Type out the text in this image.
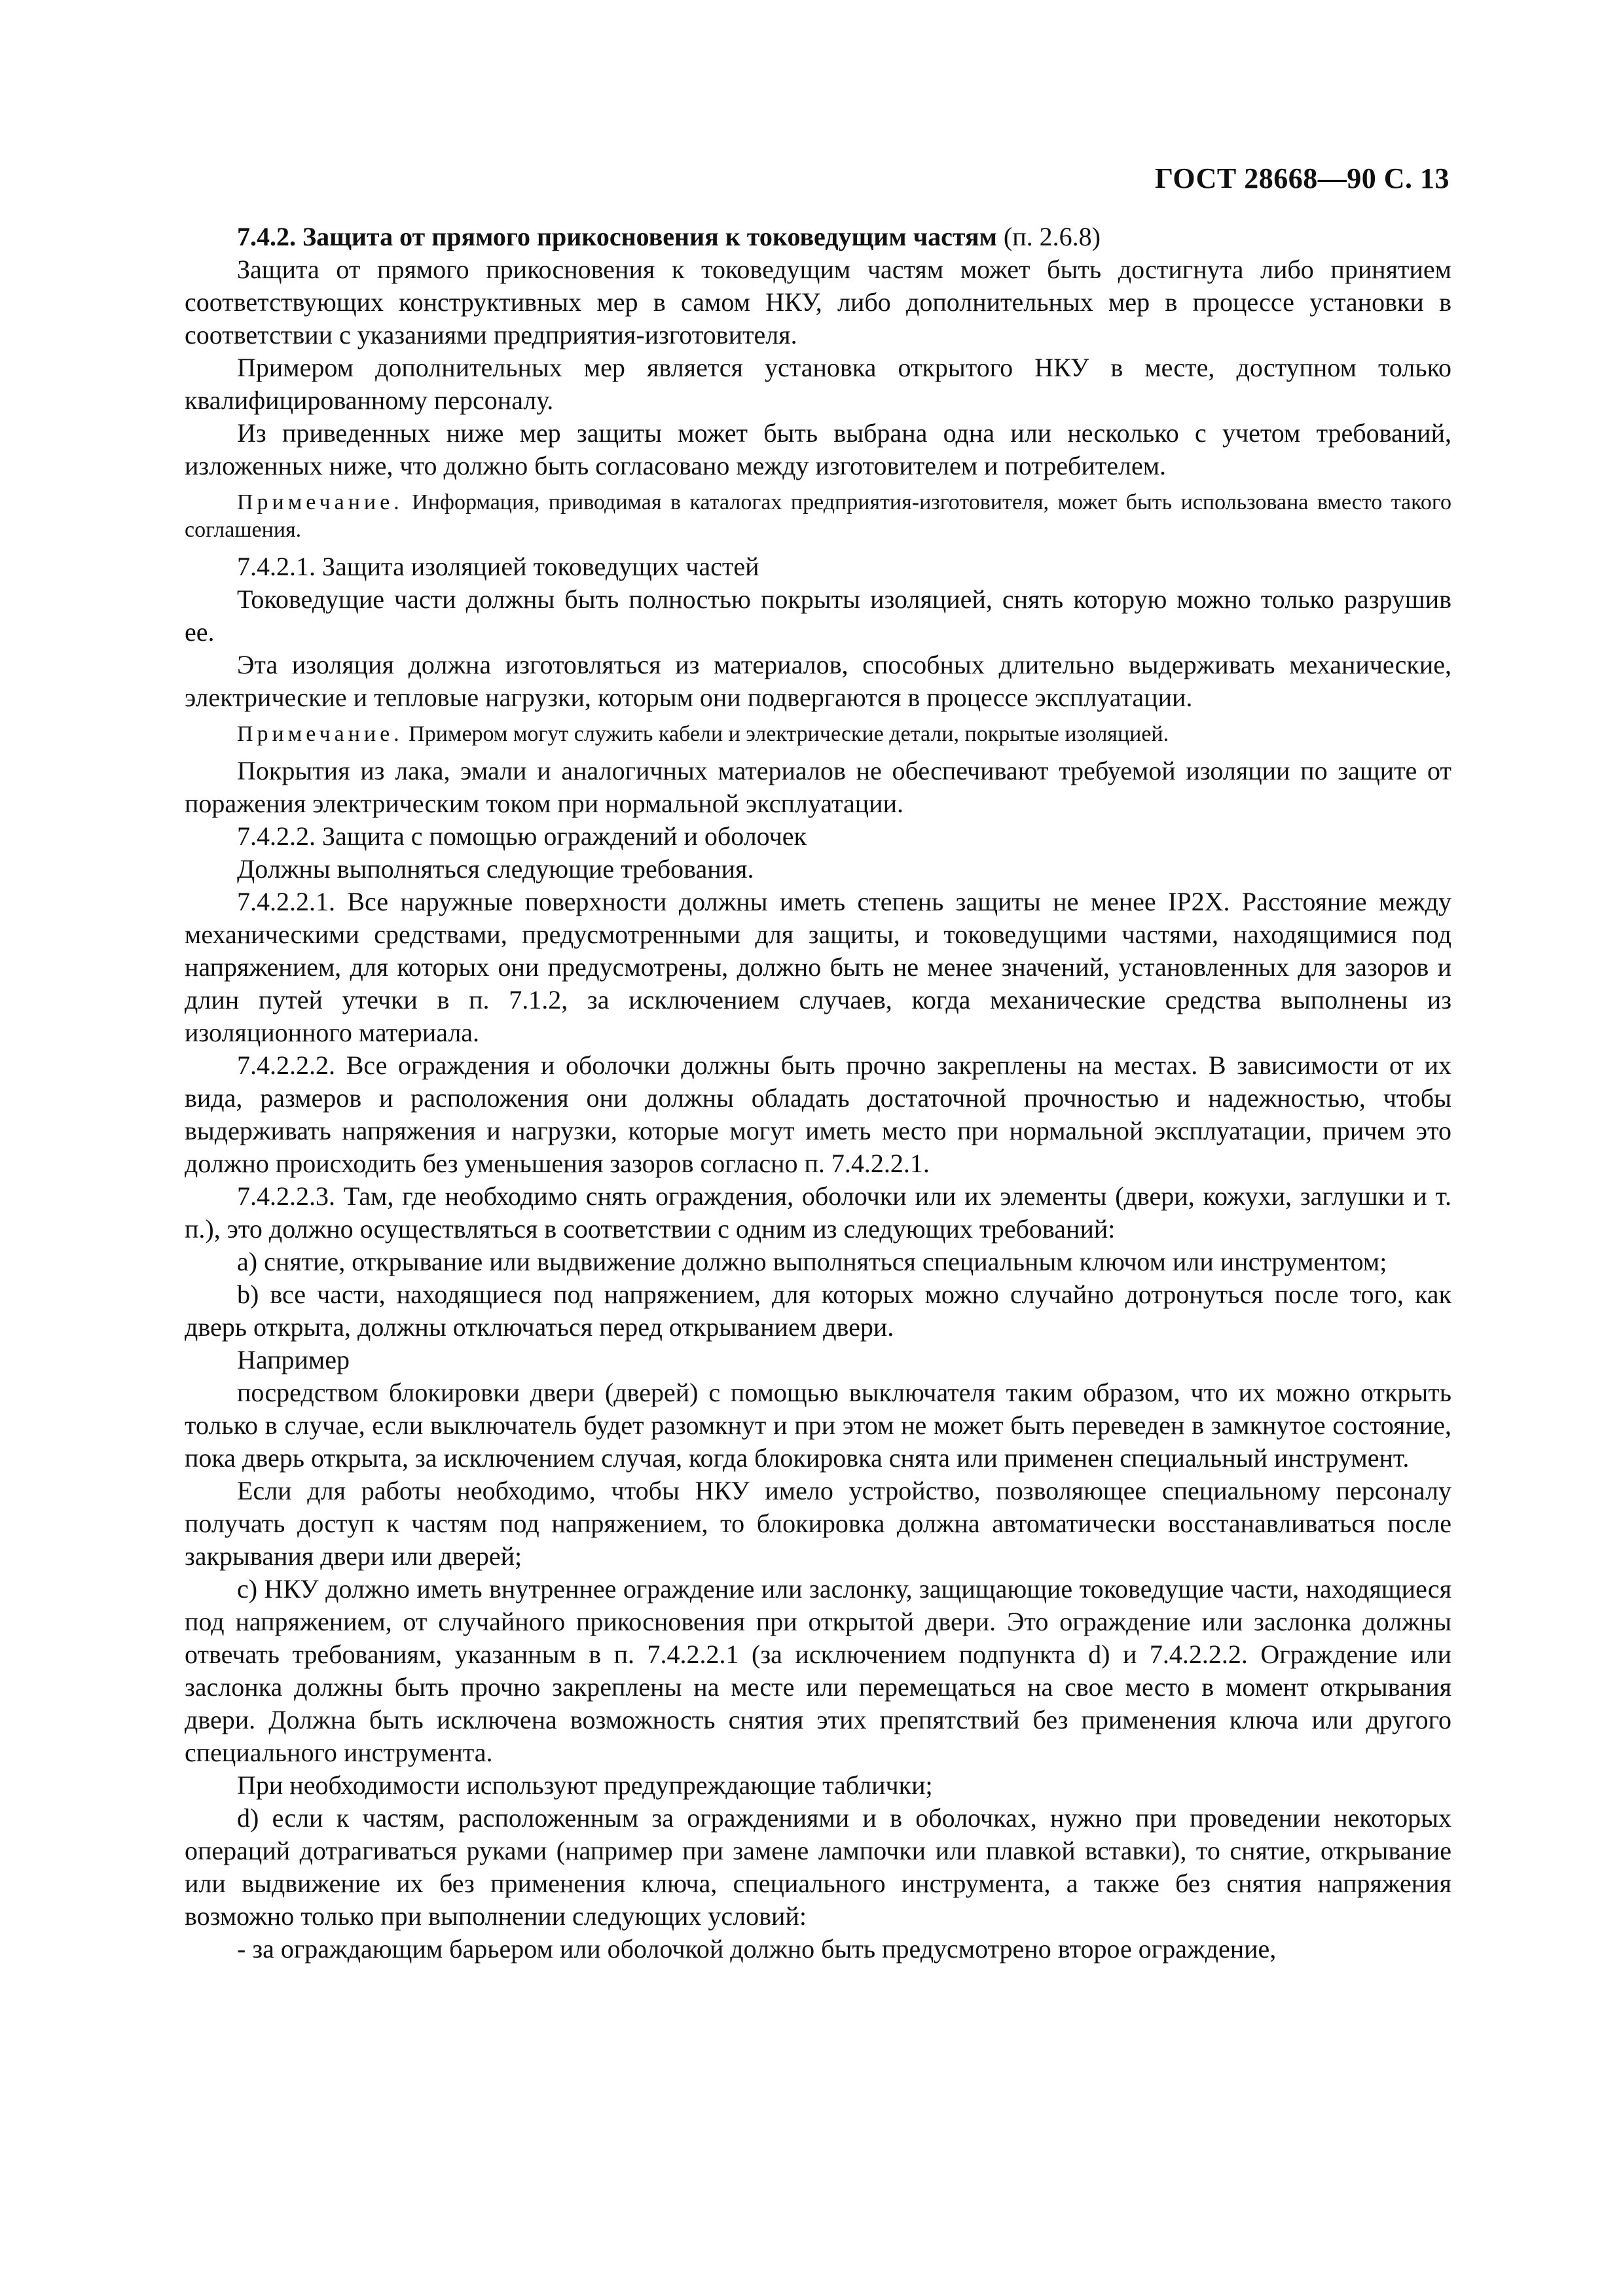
ГОСТ 28668—90 С. 13

7.4.2. Защита от прямого прикосновения к токоведущим частям (п. 2.6.8)

Защита от прямого прикосновения к токоведущим частям может быть достигнута либо принятием соответствующих конструктивных мер в самом НКУ, либо дополнительных мер в процессе установки в соответствии с указаниями предприятия-изготовителя.

Примером дополнительных мер является установка открытого НКУ в месте, доступном только квалифицированному персоналу.

Из приведенных ниже мер защиты может быть выбрана одна или несколько с учетом требований, изложенных ниже, что должно быть согласовано между изготовителем и потребителем.

Примечание. Информация, приводимая в каталогах предприятия-изготовителя, может быть использована вместо такого соглашения.

7.4.2.1. Защита изоляцией токоведущих частей

Токоведущие части должны быть полностью покрыты изоляцией, снять которую можно только разрушив ее.

Эта изоляция должна изготовляться из материалов, способных длительно выдерживать механические, электрические и тепловые нагрузки, которым они подвергаются в процессе эксплуатации.

Примечание. Примером могут служить кабели и электрические детали, покрытые изоляцией.

Покрытия из лака, эмали и аналогичных материалов не обеспечивают требуемой изоляции по защите от поражения электрическим током при нормальной эксплуатации.

7.4.2.2. Защита с помощью ограждений и оболочек

Должны выполняться следующие требования.

7.4.2.2.1. Все наружные поверхности должны иметь степень защиты не менее IP2X. Расстояние между механическими средствами, предусмотренными для защиты, и токоведущими частями, находящимися под напряжением, для которых они предусмотрены, должно быть не менее значений, установленных для зазоров и длин путей утечки в п. 7.1.2, за исключением случаев, когда механические средства выполнены из изоляционного материала.

7.4.2.2.2. Все ограждения и оболочки должны быть прочно закреплены на местах. В зависимости от их вида, размеров и расположения они должны обладать достаточной прочностью и надежностью, чтобы выдерживать напряжения и нагрузки, которые могут иметь место при нормальной эксплуатации, причем это должно происходить без уменьшения зазоров согласно п. 7.4.2.2.1.

7.4.2.2.3. Там, где необходимо снять ограждения, оболочки или их элементы (двери, кожухи, заглушки и т. п.), это должно осуществляться в соответствии с одним из следующих требований:

a) снятие, открывание или выдвижение должно выполняться специальным ключом или инструментом;

b) все части, находящиеся под напряжением, для которых можно случайно дотронуться после того, как дверь открыта, должны отключаться перед открыванием двери.

Например

посредством блокировки двери (дверей) с помощью выключателя таким образом, что их можно открыть только в случае, если выключатель будет разомкнут и при этом не может быть переведен в замкнутое состояние, пока дверь открыта, за исключением случая, когда блокировка снята или применен специальный инструмент.

Если для работы необходимо, чтобы НКУ имело устройство, позволяющее специальному персоналу получать доступ к частям под напряжением, то блокировка должна автоматически восстанавливаться после закрывания двери или дверей;

c) НКУ должно иметь внутреннее ограждение или заслонку, защищающие токоведущие части, находящиеся под напряжением, от случайного прикосновения при открытой двери. Это ограждение или заслонка должны отвечать требованиям, указанным в п. 7.4.2.2.1 (за исключением подпункта d) и 7.4.2.2.2. Ограждение или заслонка должны быть прочно закреплены на месте или перемещаться на свое место в момент открывания двери. Должна быть исключена возможность снятия этих препятствий без применения ключа или другого специального инструмента.

При необходимости используют предупреждающие таблички;

d) если к частям, расположенным за ограждениями и в оболочках, нужно при проведении некоторых операций дотрагиваться руками (например при замене лампочки или плавкой вставки), то снятие, открывание или выдвижение их без применения ключа, специального инструмента, а также без снятия напряжения возможно только при выполнении следующих условий:

- за ограждающим барьером или оболочкой должно быть предусмотрено второе ограждение,
